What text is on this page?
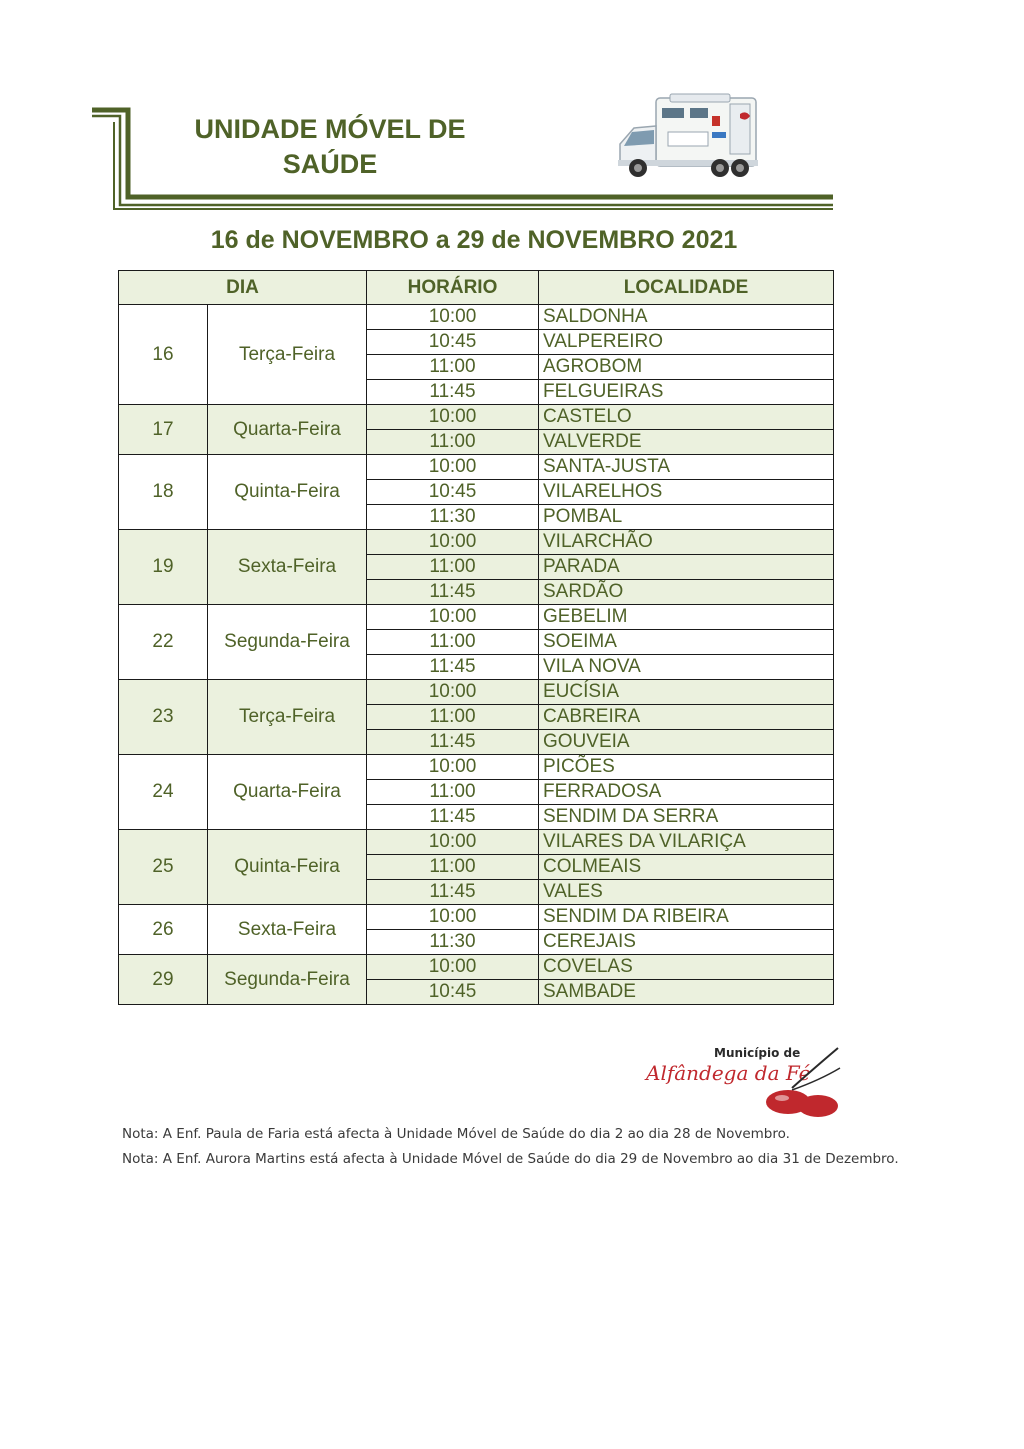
UNIDADE MÓVEL DE
SAÚDE
16 de NOVEMBRO a 29 de NOVEMBRO 2021
DIA		HORÁRIO	LOCALIDADE
16	Terça-Feira	10:00	SALDONHA
		10:45	VALPEREIRO
		11:00	AGROBOM
		11:45	FELGUEIRAS
17	Quarta-Feira	10:00	CASTELO
		11:00	VALVERDE
18	Quinta-Feira	10:00	SANTA-JUSTA
		10:45	VILARELHOS
		11:30	POMBAL
19	Sexta-Feira	10:00	VILARCHÃO
		11:00	PARADA
		11:45	SARDÃO
22	Segunda-Feira	10:00	GEBELIM
		11:00	SOEIMA
		11:45	VILA NOVA
23	Terça-Feira	10:00	EUCÍSIA
		11:00	CABREIRA
		11:45	GOUVEIA
24	Quarta-Feira	10:00	PICÕES
		11:00	FERRADOSA
		11:45	SENDIM DA SERRA
25	Quinta-Feira	10:00	VILARES DA VILARIÇA
		11:00	COLMEAIS
		11:45	VALES
26	Sexta-Feira	10:00	SENDIM DA RIBEIRA
		11:30	CEREJAIS
29	Segunda-Feira	10:00	COVELAS
		10:45	SAMBADE
Município de
Alfândega da Fé
Nota: A Enf. Paula de Faria está afecta à Unidade Móvel de Saúde do dia 2 ao dia 28 de Novembro.
Nota: A Enf. Aurora Martins está afecta à Unidade Móvel de Saúde do dia 29 de Novembro ao dia 31 de Dezembro.
